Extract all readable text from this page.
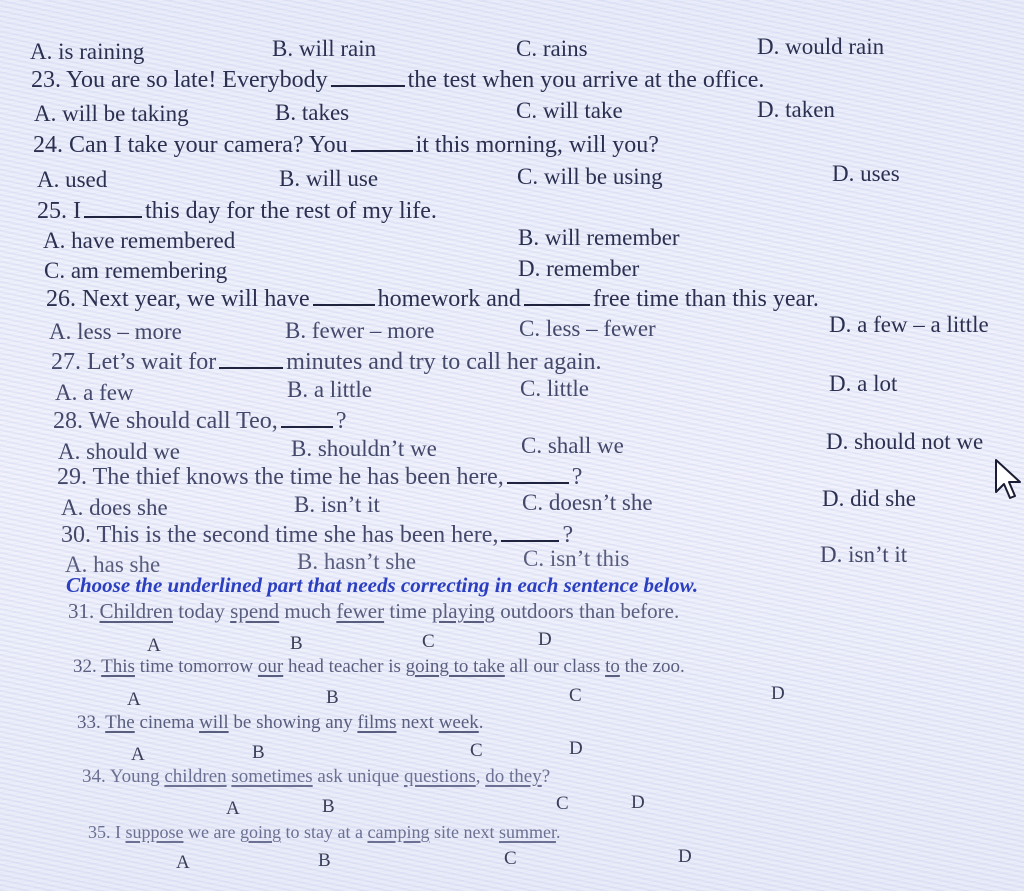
A. is raining	B. will rain	C. rains	D. would rain
23. You are so late! Everybody	the test when you arrive at the office.
A. will be taking	B. takes	C. will take	D. taken
24. Can I take your camera? You	it this morning, will you?
A. used	B. will use	C. will be using	D. uses
25. I	this day for the rest of my life.
A. have remembered	B. will remember
C. am remembering	D. remember
26. Next year, we will have	homework and	free time than this year.
A. less – more	B. fewer – more	C. less – fewer	D. a few – a little
27. Let’s wait for	minutes and try to call her again.
A. a few	B. a little	C. little	D. a lot
28. We should call Teo, ?
A. should we	B. shouldn’t we	C. shall we	D. should not we
29. The thief knows the time he has been here,	?
A. does she	B. isn’t it	C. doesn’t she	D. did she
30. This is the second time she has been here,	?
A. has she	B. hasn’t she	C. isn’t this	D. isn’t it
Choose the underlined part that needs correcting in each sentence below.
31. Children today spend much fewer time playing outdoors than before.
A	B	C	D
32. This time tomorrow our head teacher is going to take all our class to the zoo.
A	B	C	D
33. The cinema will be showing any films next week.
A	B	C	D
34. Young children sometimes ask unique questions, do they?
A	B	C	D
35. I suppose we are going to stay at a camping site next summer.
A	B	C	D
